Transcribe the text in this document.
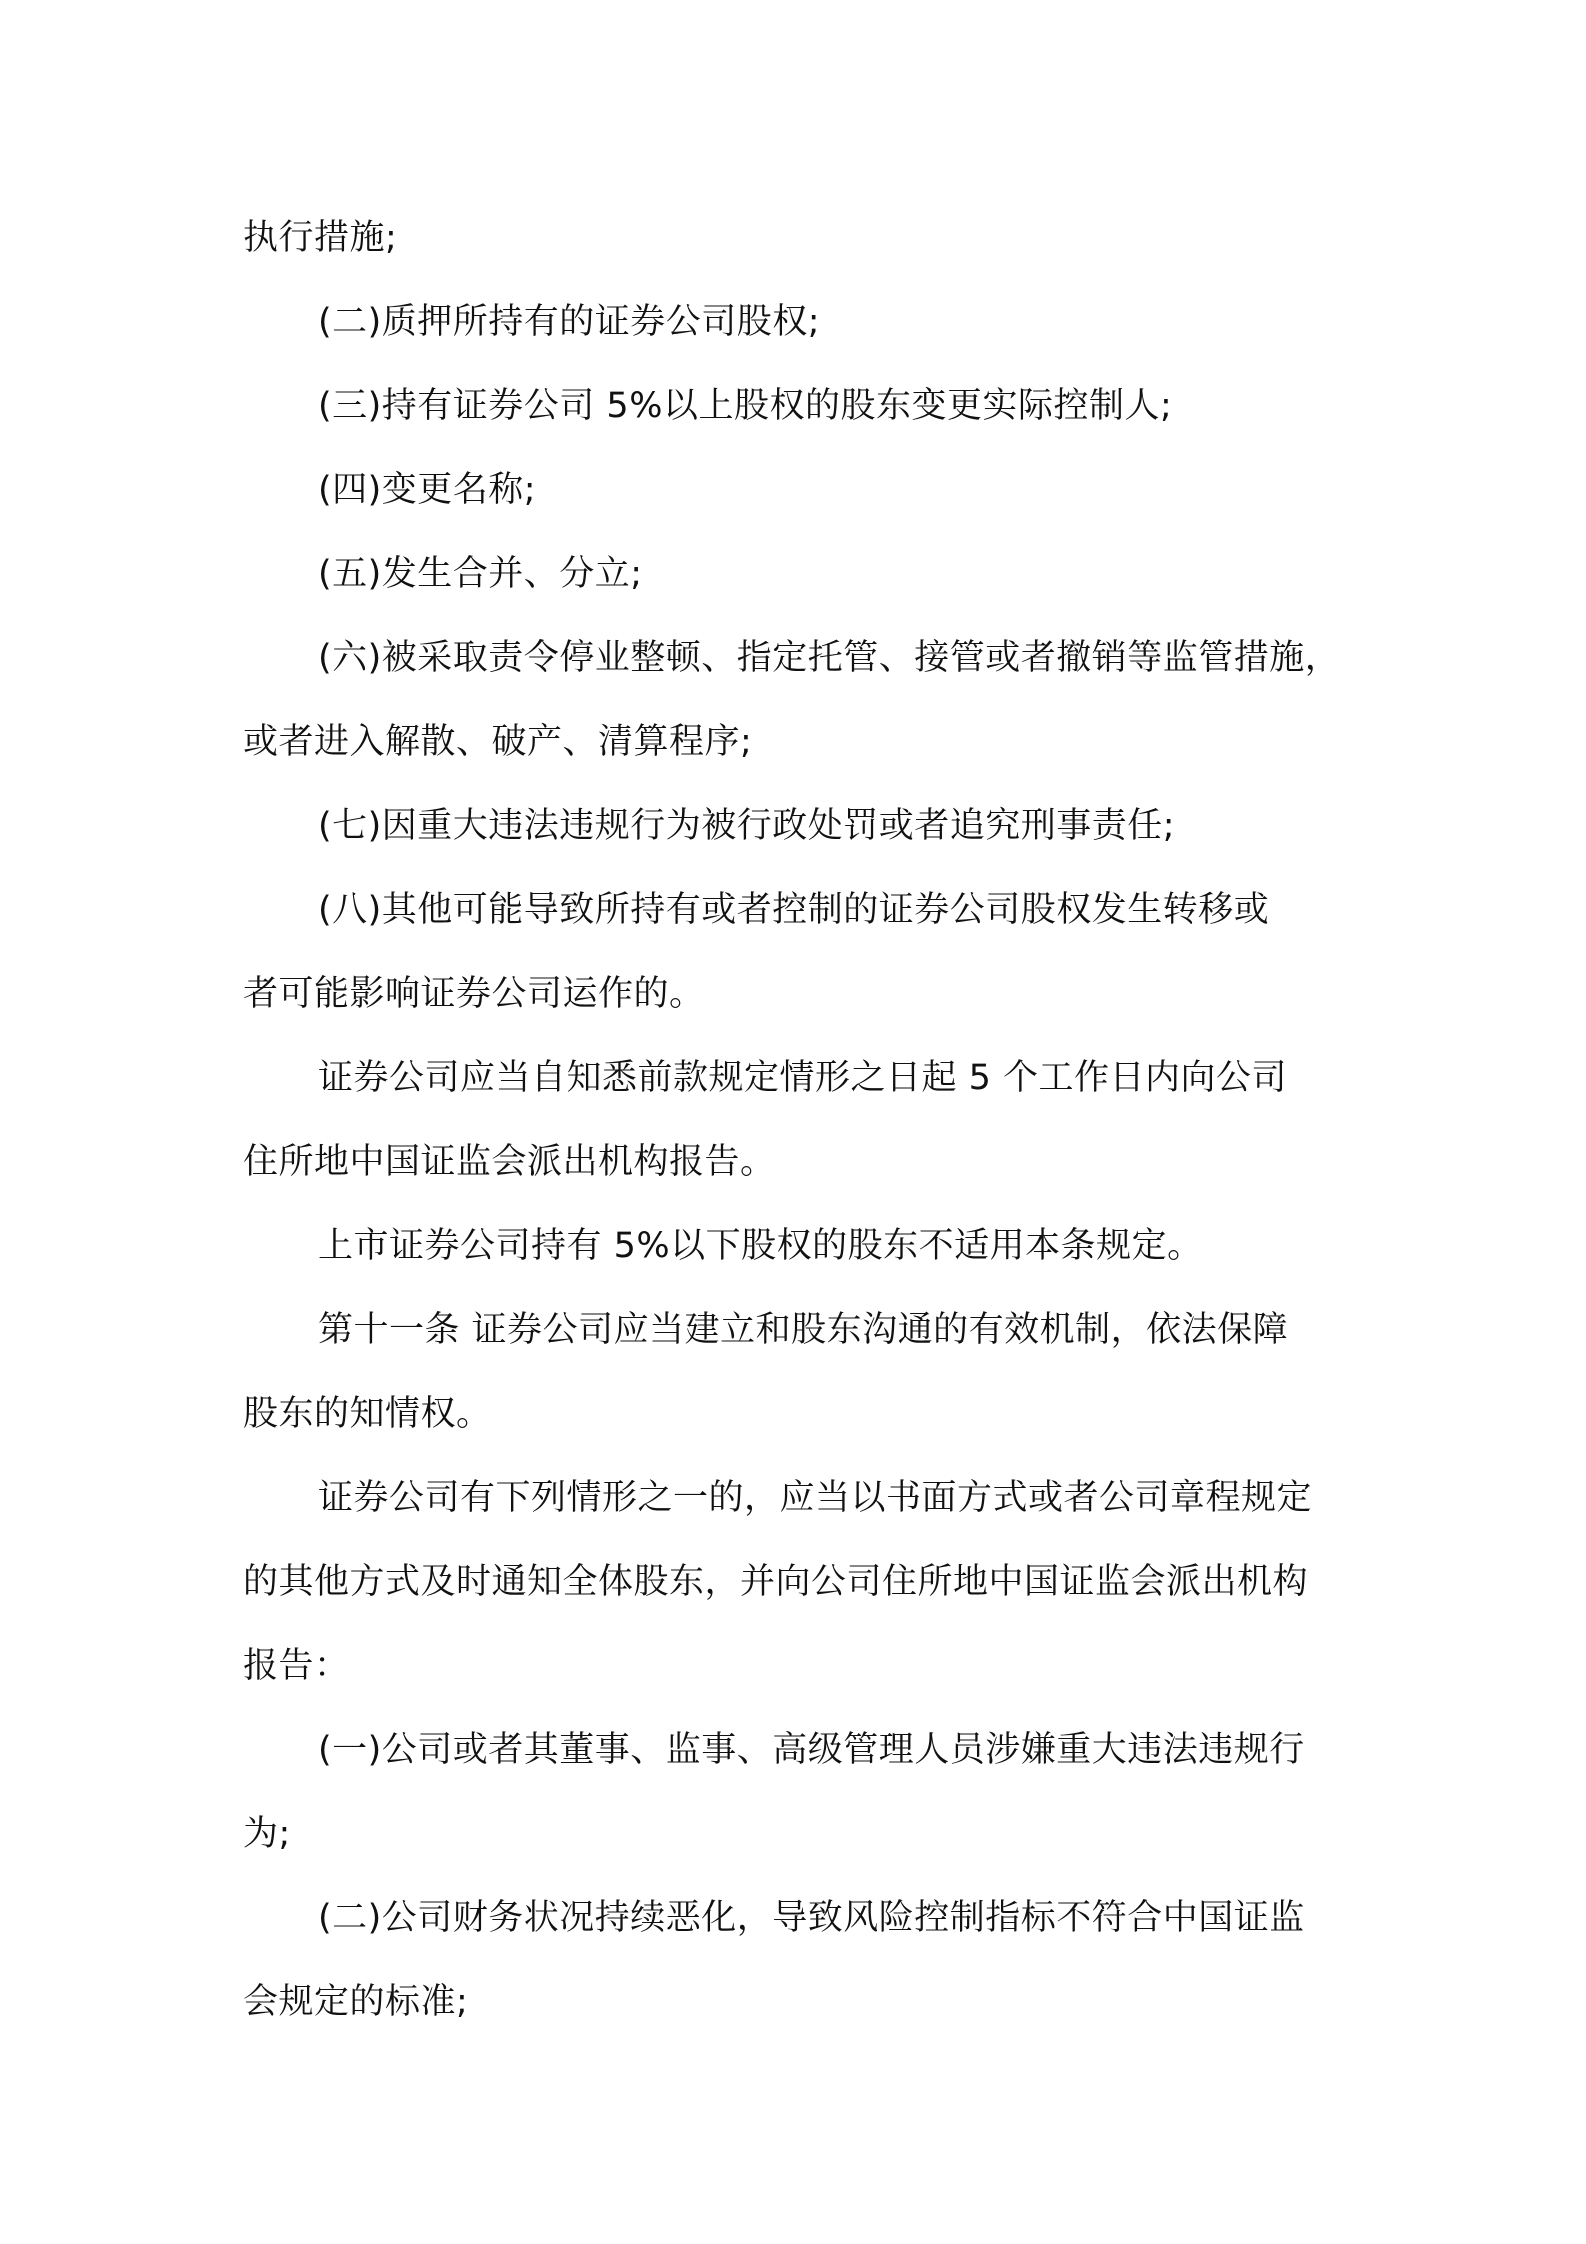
执行措施;

(二)质押所持有的证券公司股权;

(三)持有证券公司 5%以上股权的股东变更实际控制人;

(四)变更名称;

(五)发生合并、分立;

(六)被采取责令停业整顿、指定托管、接管或者撤销等监管措施，

或者进入解散、破产、清算程序;

(七)因重大违法违规行为被行政处罚或者追究刑事责任;

(八)其他可能导致所持有或者控制的证券公司股权发生转移或

者可能影响证券公司运作的。

证券公司应当自知悉前款规定情形之日起 5 个工作日内向公司

住所地中国证监会派出机构报告。

上市证券公司持有 5%以下股权的股东不适用本条规定。

第十一条 证券公司应当建立和股东沟通的有效机制，依法保障

股东的知情权。

证券公司有下列情形之一的，应当以书面方式或者公司章程规定

的其他方式及时通知全体股东，并向公司住所地中国证监会派出机构

报告：

(一)公司或者其董事、监事、高级管理人员涉嫌重大违法违规行

为;

(二)公司财务状况持续恶化，导致风险控制指标不符合中国证监

会规定的标准;
